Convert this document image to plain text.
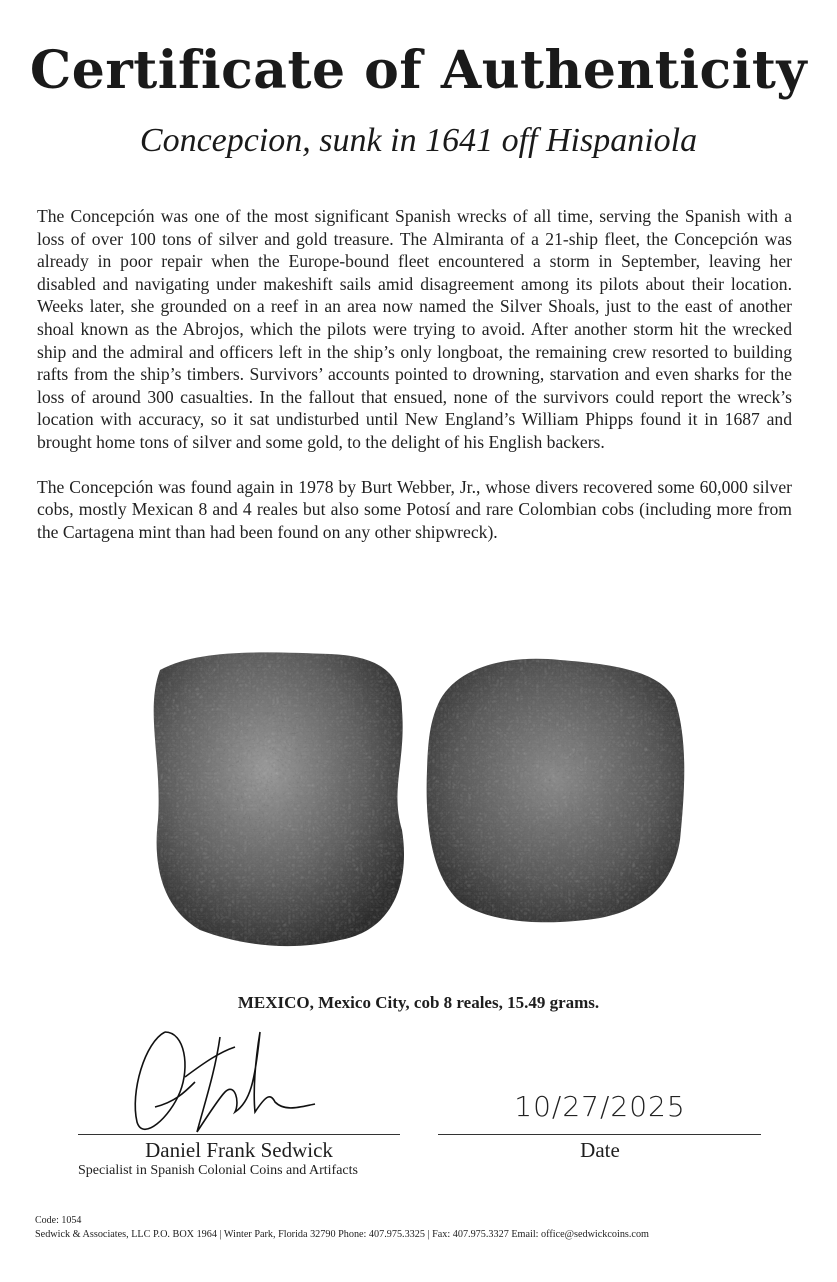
Certificate of Authenticity
Concepcion, sunk in 1641 off Hispaniola

The Concepción was one of the most significant Spanish wrecks of all time, serving the Spanish with a loss of over 100 tons of silver and gold treasure. The Almiranta of a 21-ship fleet, the Concepción was already in poor repair when the Europe-bound fleet encountered a storm in September, leaving her disabled and navigating under makeshift sails amid disagreement among its pilots about their location. Weeks later, she grounded on a reef in an area now named the Silver Shoals, just to the east of another shoal known as the Abrojos, which the pilots were trying to avoid. After another storm hit the wrecked ship and the admiral and officers left in the ship’s only longboat, the remaining crew resorted to building rafts from the ship’s timbers. Survivors’ accounts pointed to drowning, starvation and even sharks for the loss of around 300 casualties. In the fallout that ensued, none of the survivors could report the wreck’s location with accuracy, so it sat undisturbed until New England’s William Phipps found it in 1687 and brought home tons of silver and some gold, to the delight of his English backers.

The Concepción was found again in 1978 by Burt Webber, Jr., whose divers recovered some 60,000 silver cobs, mostly Mexican 8 and 4 reales but also some Potosí and rare Colombian cobs (including more from the Cartagena mint than had been found on any other shipwreck).

MEXICO, Mexico City, cob 8 reales, 15.49 grams.
10/27/2025
Daniel Frank Sedwick
Specialist in Spanish Colonial Coins and Artifacts
Date
Code: 1054
Sedwick & Associates, LLC P.O. BOX 1964 | Winter Park, Florida 32790 Phone: 407.975.3325 | Fax: 407.975.3327 Email: office@sedwickcoins.com
